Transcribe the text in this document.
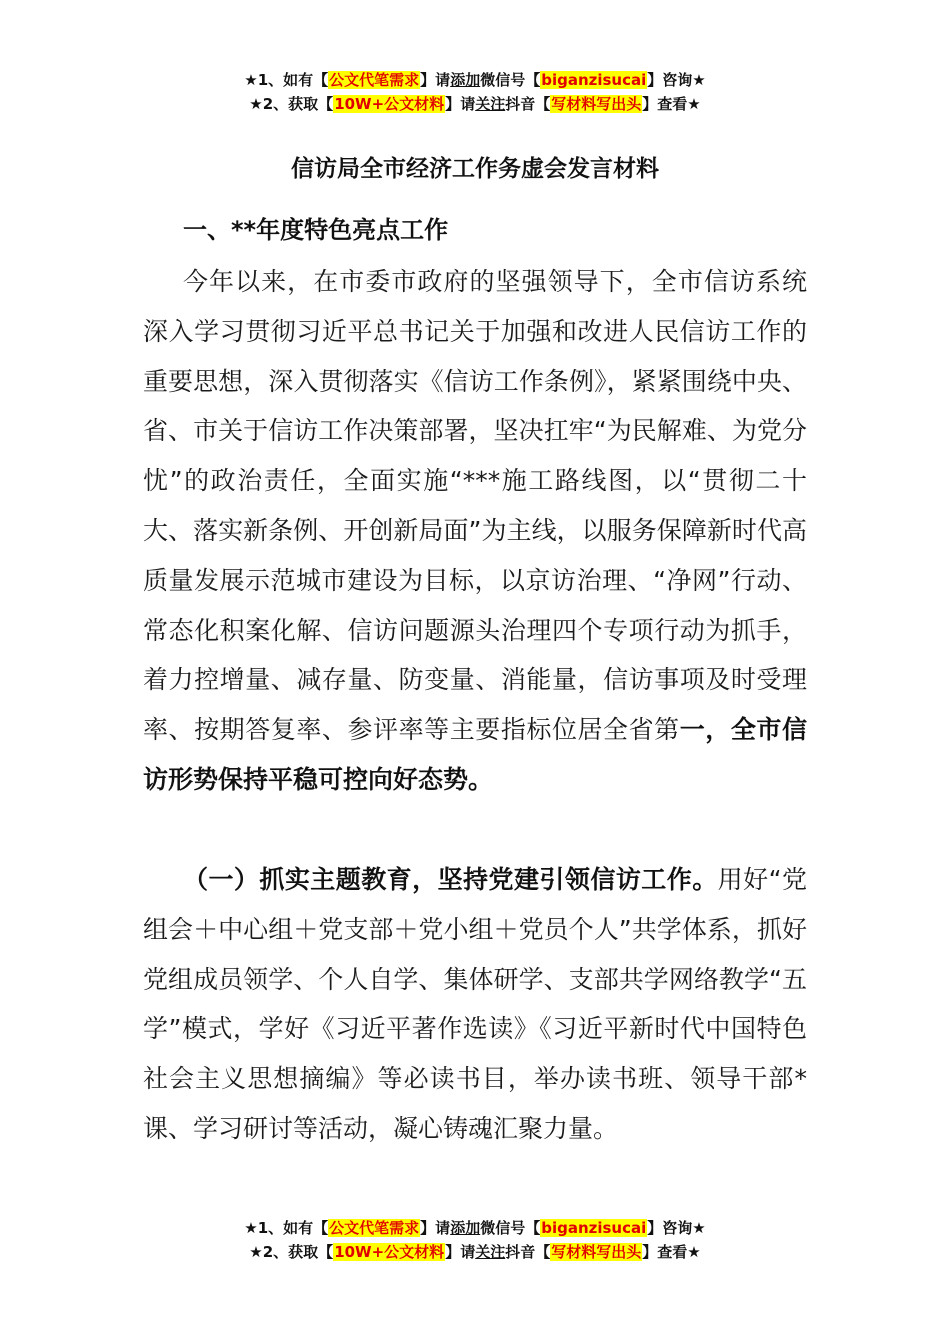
★1、如有【公文代笔需求】请添加微信号【biganzisucai】咨询★
★2、获取【10W+公文材料】请关注抖音【写材料写出头】查看★
信访局全市经济工作务虚会发言材料
一、**年度特色亮点工作

今年以来，在市委市政府的坚强领导下，全市信访系统深入学习贯彻习近平总书记关于加强和改进人民信访工作的重要思想，深入贯彻落实《信访工作条例》，紧紧围绕中央、省、市关于信访工作决策部署，坚决扛牢“为民解难、为党分忧”的政治责任，全面实施“***施工路线图，以“贯彻二十大、落实新条例、开创新局面”为主线，以服务保障新时代高质量发展示范城市建设为目标，以京访治理、“净网”行动、常态化积案化解、信访问题源头治理四个专项行动为抓手，着力控增量、减存量、防变量、消能量，信访事项及时受理率、按期答复率、参评率等主要指标位居全省第一，全市信访形势保持平稳可控向好态势。

（一）抓实主题教育，坚持党建引领信访工作。用好“党组会＋中心组＋党支部＋党小组＋党员个人”共学体系，抓好党组成员领学、个人自学、集体研学、支部共学网络教学“五学”模式，学好《习近平著作选读》《习近平新时代中国特色社会主义思想摘编》等必读书目，举办读书班、领导干部*课、学习研讨等活动，凝心铸魂汇聚力量。

★1、如有【公文代笔需求】请添加微信号【biganzisucai】咨询★
★2、获取【10W+公文材料】请关注抖音【写材料写出头】查看★
